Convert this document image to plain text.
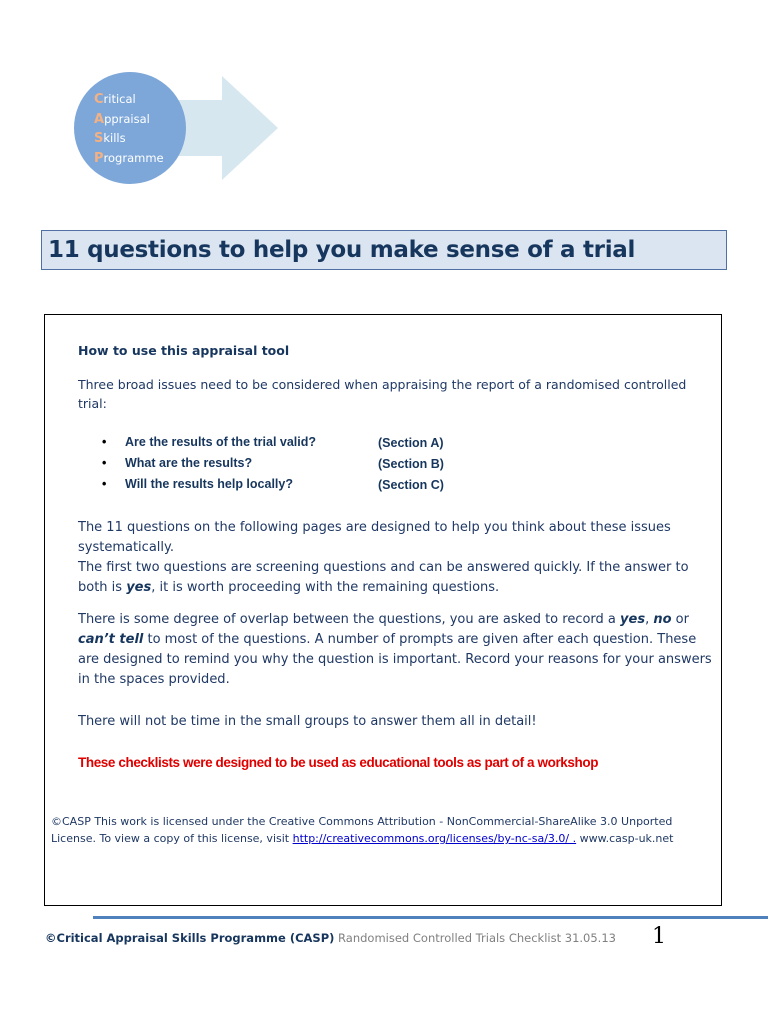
Critical
Appraisal
Skills
Programme
11 questions to help you make sense of a trial
How to use this appraisal tool
Three broad issues need to be considered when appraising the report of a randomised controlled trial:
• Are the results of the trial valid?	(Section A)
• What are the results?	(Section B)
• Will the results help locally?	(Section C)
The 11 questions on the following pages are designed to help you think about these issues systematically.
The first two questions are screening questions and can be answered quickly. If the answer to both is yes, it is worth proceeding with the remaining questions.
There is some degree of overlap between the questions, you are asked to record a yes, no or can’t tell to most of the questions. A number of prompts are given after each question. These are designed to remind you why the question is important. Record your reasons for your answers in the spaces provided.
There will not be time in the small groups to answer them all in detail!
These checklists were designed to be used as educational tools as part of a workshop
©CASP This work is licensed under the Creative Commons Attribution - NonCommercial-ShareAlike 3.0 Unported License. To view a copy of this license, visit http://creativecommons.org/licenses/by-nc-sa/3.0/ . www.casp-uk.net
©Critical Appraisal Skills Programme (CASP) Randomised Controlled Trials Checklist 31.05.13 1
